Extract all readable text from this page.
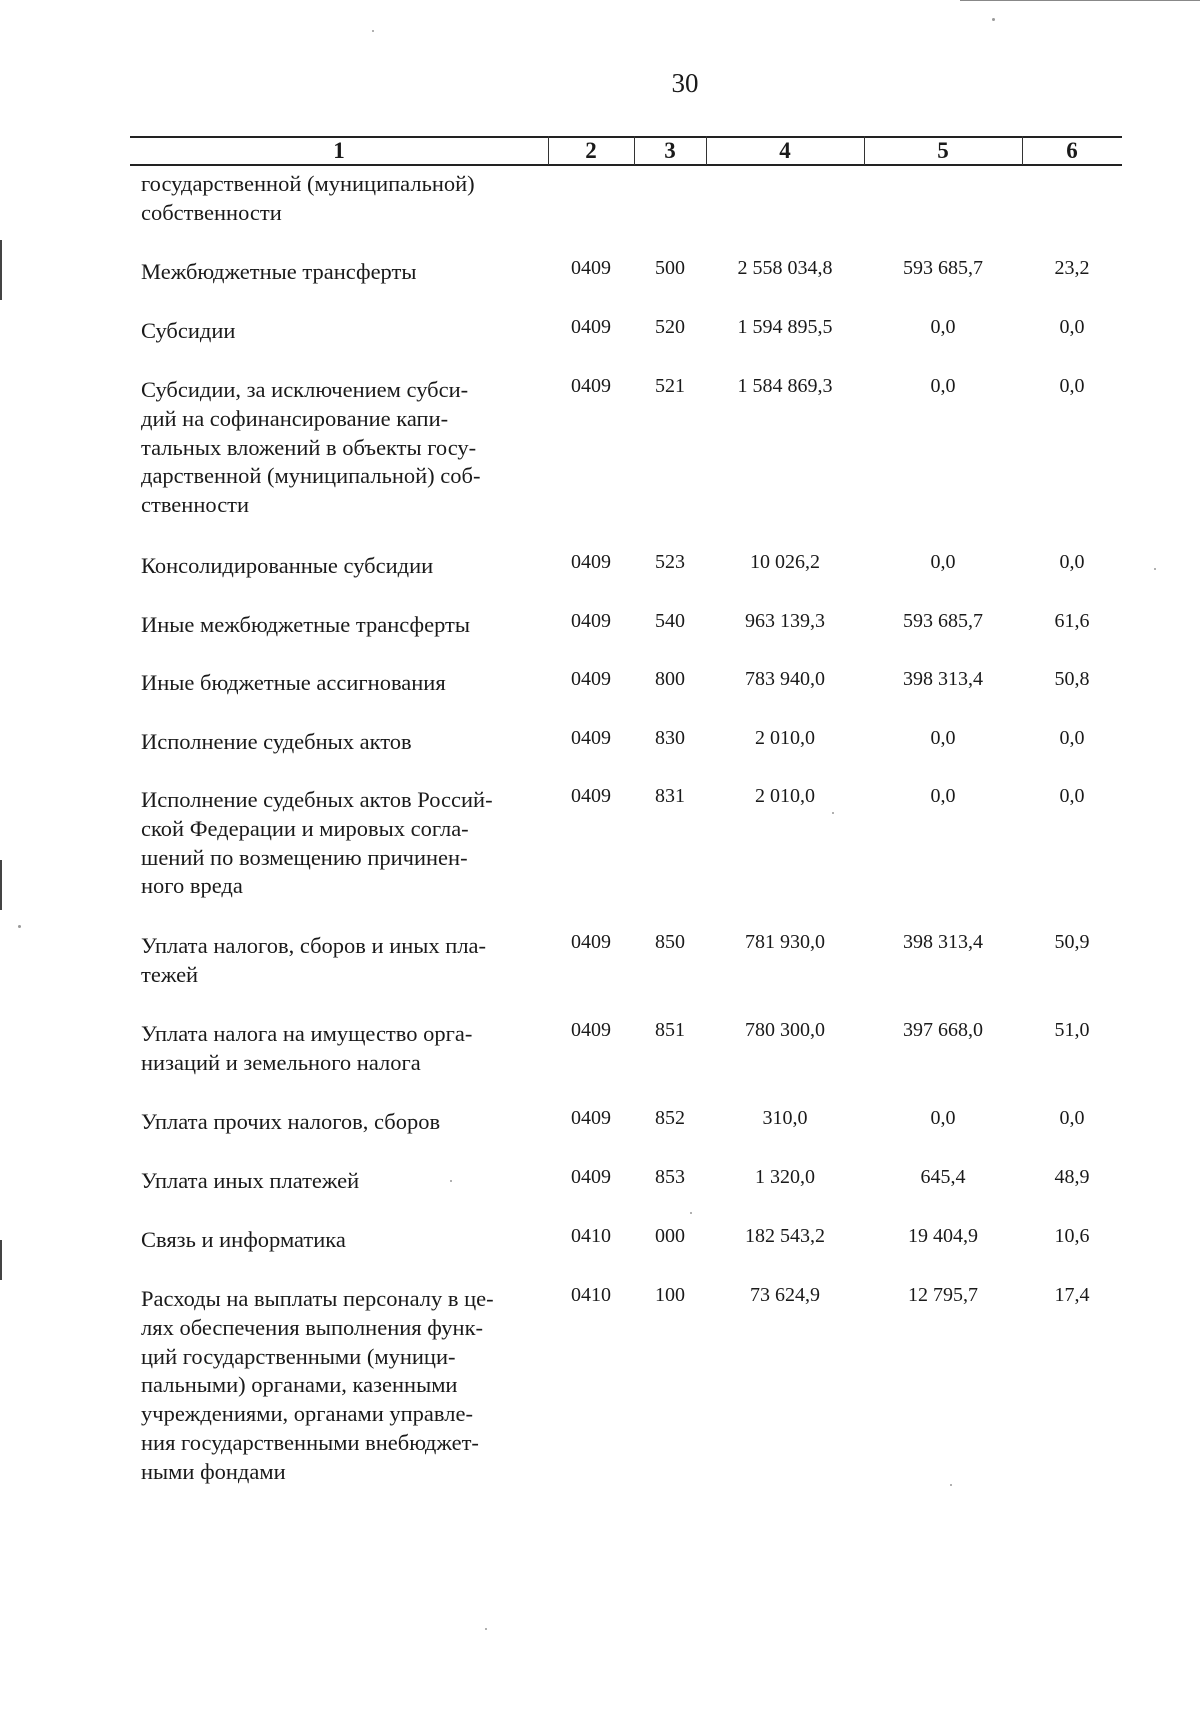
30
1	2	3	4	5	6
государственной (муниципальной)
собственности
Межбюджетные трансферты	0409	500	2 558 034,8	593 685,7	23,2
Субсидии	0409	520	1 594 895,5	0,0	0,0
Субсидии, за исключением субси-
дий на софинансирование капи-
тальных вложений в объекты госу-
дарственной (муниципальной) соб-
ственности
0409	521	1 584 869,3	0,0	0,0
Консолидированные субсидии	0409	523	10 026,2	0,0	0,0
Иные межбюджетные трансферты	0409	540	963 139,3	593 685,7	61,6
Иные бюджетные ассигнования	0409	800	783 940,0	398 313,4	50,8
Исполнение судебных актов	0409	830	2 010,0	0,0	0,0
Исполнение судебных актов Россий-
ской Федерации и мировых согла-
шений по возмещению причинен-
ного вреда
0409	831	2 010,0	0,0	0,0
Уплата налогов, сборов и иных пла-
тежей
0409	850	781 930,0	398 313,4	50,9
Уплата налога на имущество орга-
низаций и земельного налога
0409	851	780 300,0	397 668,0	51,0
Уплата прочих налогов, сборов	0409	852	310,0	0,0	0,0
Уплата иных платежей	0409	853	1 320,0	645,4	48,9
Связь и информатика	0410	000	182 543,2	19 404,9	10,6
Расходы на выплаты персоналу в це-
лях обеспечения выполнения функ-
ций государственными (муници-
пальными) органами, казенными
учреждениями, органами управле-
ния государственными внебюджет-
ными фондами
0410	100	73 624,9	12 795,7	17,4
